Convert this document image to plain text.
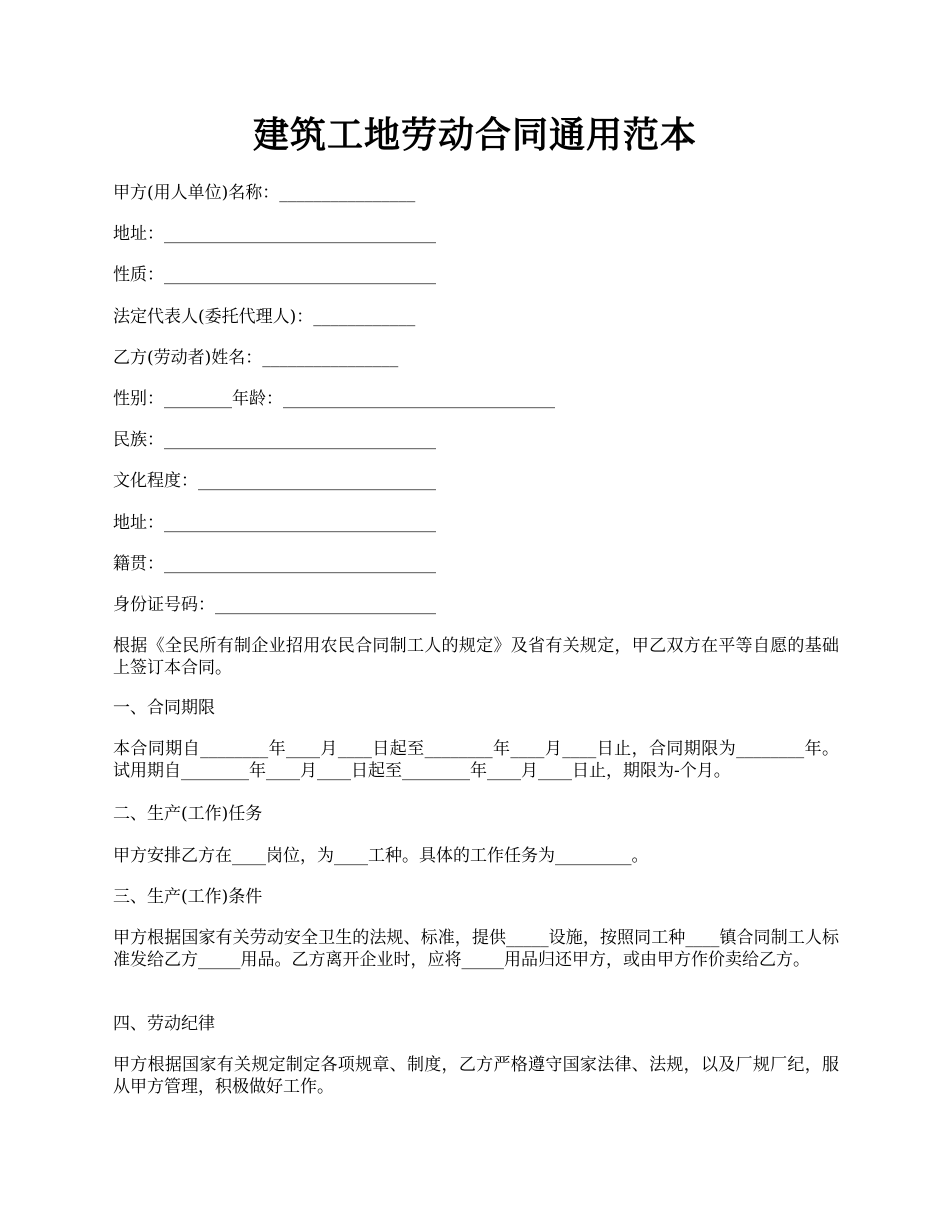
建筑工地劳动合同通用范本
甲方(用人单位)名称：________________
地址：________________________________
性质：________________________________
法定代表人(委托代理人)：____________
乙方(劳动者)姓名：________________
性别：________年龄：________________________________
民族：________________________________
文化程度：____________________________
地址：________________________________
籍贯：________________________________
身份证号码：__________________________
根据《全民所有制企业招用农民合同制工人的规定》及省有关规定，甲乙双方在平等自愿的基础上签订本合同。
一、合同期限
本合同期自________年____月____日起至________年____月____日止，合同期限为________年。试用期自________年____月____日起至________年____月____日止，期限为-个月。
二、生产(工作)任务
甲方安排乙方在____岗位，为____工种。具体的工作任务为_________。
三、生产(工作)条件
甲方根据国家有关劳动安全卫生的法规、标准，提供_____设施，按照同工种____镇合同制工人标准发给乙方_____用品。乙方离开企业时，应将_____用品归还甲方，或由甲方作价卖给乙方。
四、劳动纪律
甲方根据国家有关规定制定各项规章、制度，乙方严格遵守国家法律、法规，以及厂规厂纪，服从甲方管理，积极做好工作。
